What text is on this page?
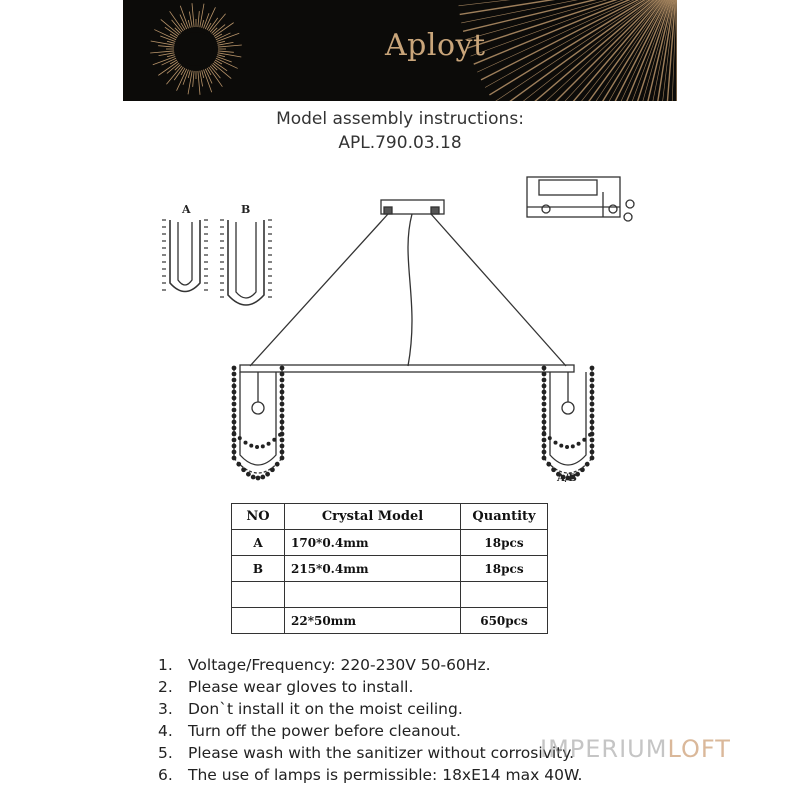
Aployt
Model assembly instructions:
APL.790.03.18
A	B
A/B
NO	Crystal Model	Quantity
A	170*0.4mm	18pcs
B	215*0.4mm	18pcs

	22*50mm	650pcs
1. Voltage/Frequency: 220-230V 50-60Hz.
2. Please wear gloves to install.
3. Don`t install it on the moist ceiling.
4. Turn off the power before cleanout.
5. Please wash with the sanitizer without corrosivity.
6. The use of lamps is permissible: 18xE14 max 40W.
IMPERIUMLOFT
